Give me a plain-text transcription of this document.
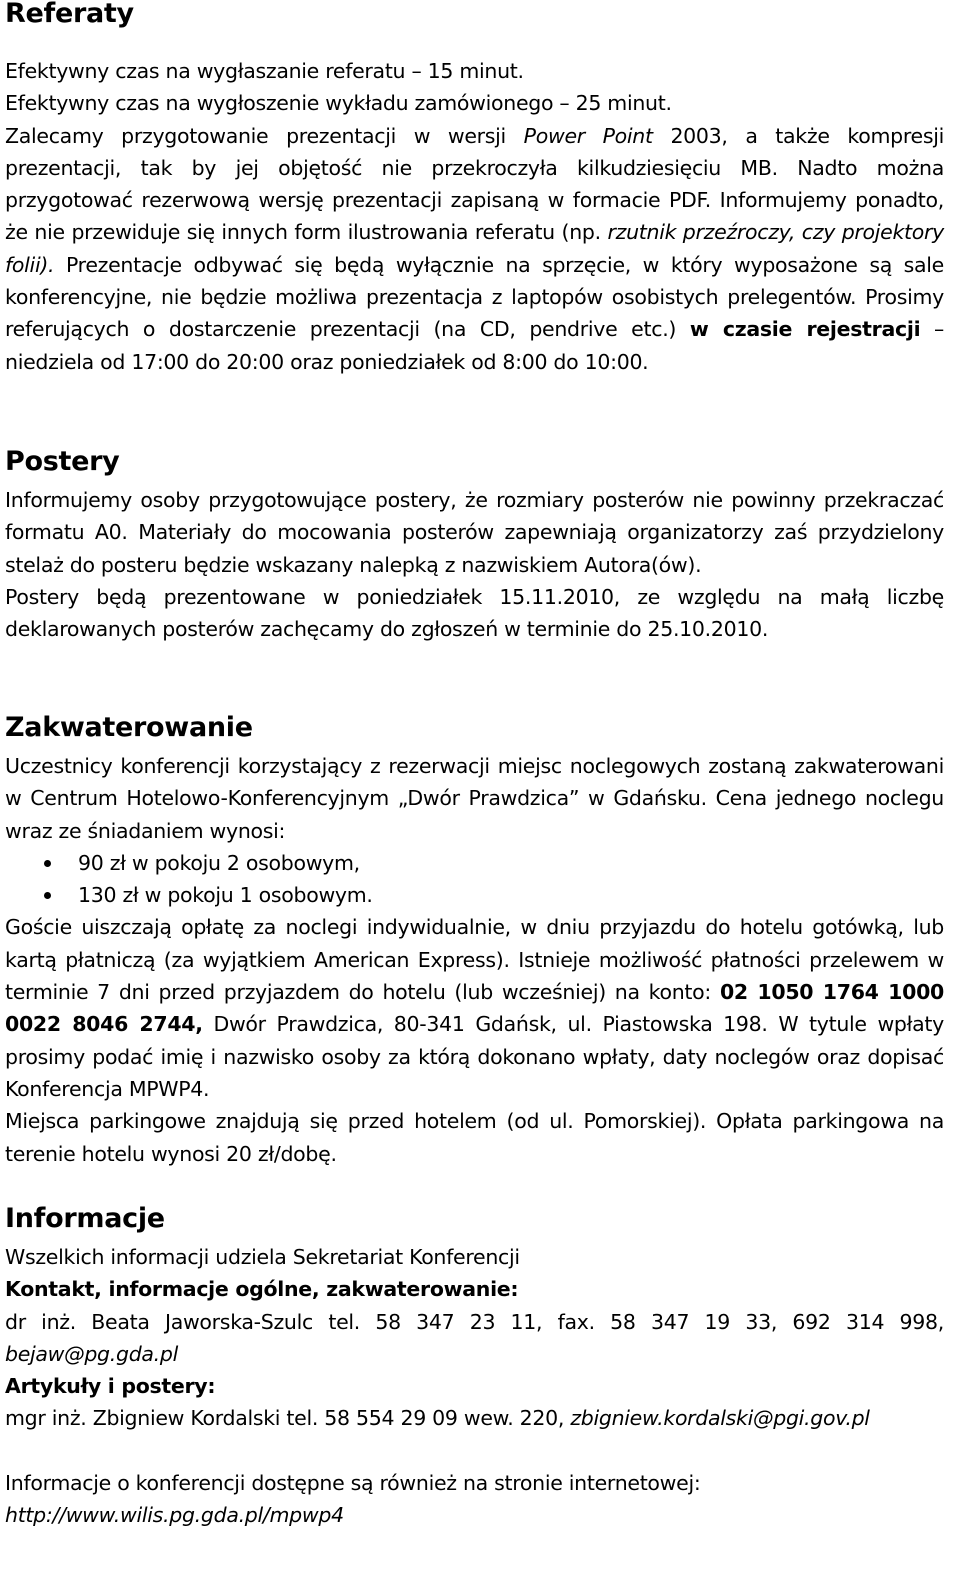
Referaty

Efektywny czas na wygłaszanie referatu – 15 minut.

Efektywny czas na wygłoszenie wykładu zamówionego – 25 minut.

Zalecamy przygotowanie prezentacji w wersji Power Point 2003, a także kompresji prezentacji, tak by jej objętość nie przekroczyła kilkudziesięciu MB. Nadto można przygotować rezerwową wersję prezentacji zapisaną w formacie PDF. Informujemy ponadto, że nie przewiduje się innych form ilustrowania referatu (np. rzutnik przeźroczy, czy projektory folii). Prezentacje odbywać się będą wyłącznie na sprzęcie, w który wyposażone są sale konferencyjne, nie będzie możliwa prezentacja z laptopów osobistych prelegentów. Prosimy referujących o dostarczenie prezentacji (na CD, pendrive etc.) w czasie rejestracji – niedziela od 17:00 do 20:00 oraz poniedziałek od 8:00 do 10:00.

Postery

Informujemy osoby przygotowujące postery, że rozmiary posterów nie powinny przekraczać formatu A0. Materiały do mocowania posterów zapewniają organizatorzy zaś przydzielony stelaż do posteru będzie wskazany nalepką z nazwiskiem Autora(ów).

Postery będą prezentowane w poniedziałek 15.11.2010, ze względu na małą liczbę deklarowanych posterów zachęcamy do zgłoszeń w terminie do 25.10.2010.

Zakwaterowanie

Uczestnicy konferencji korzystający z rezerwacji miejsc noclegowych zostaną zakwaterowani w Centrum Hotelowo-Konferencyjnym „Dwór Prawdzica” w Gdańsku. Cena jednego noclegu wraz ze śniadaniem wynosi:

90 zł w pokoju 2 osobowym,
130 zł w pokoju 1 osobowym.

Goście uiszczają opłatę za noclegi indywidualnie, w dniu przyjazdu do hotelu gotówką, lub kartą płatniczą (za wyjątkiem American Express). Istnieje możliwość płatności przelewem w terminie 7 dni przed przyjazdem do hotelu (lub wcześniej) na konto: 02 1050 1764 1000 0022 8046 2744, Dwór Prawdzica, 80-341 Gdańsk, ul. Piastowska 198. W tytule wpłaty prosimy podać imię i nazwisko osoby za którą dokonano wpłaty, daty noclegów oraz dopisać Konferencja MPWP4.

Miejsca parkingowe znajdują się przed hotelem (od ul. Pomorskiej). Opłata parkingowa na terenie hotelu wynosi 20 zł/dobę.

Informacje

Wszelkich informacji udziela Sekretariat Konferencji

Kontakt, informacje ogólne, zakwaterowanie:

dr inż. Beata Jaworska-Szulc tel. 58 347 23 11, fax. 58 347 19 33, 692 314 998, bejaw@pg.gda.pl

Artykuły i postery:

mgr inż. Zbigniew Kordalski tel. 58 554 29 09 wew. 220, zbigniew.kordalski@pgi.gov.pl

Informacje o konferencji dostępne są również na stronie internetowej:

http://www.wilis.pg.gda.pl/mpwp4
